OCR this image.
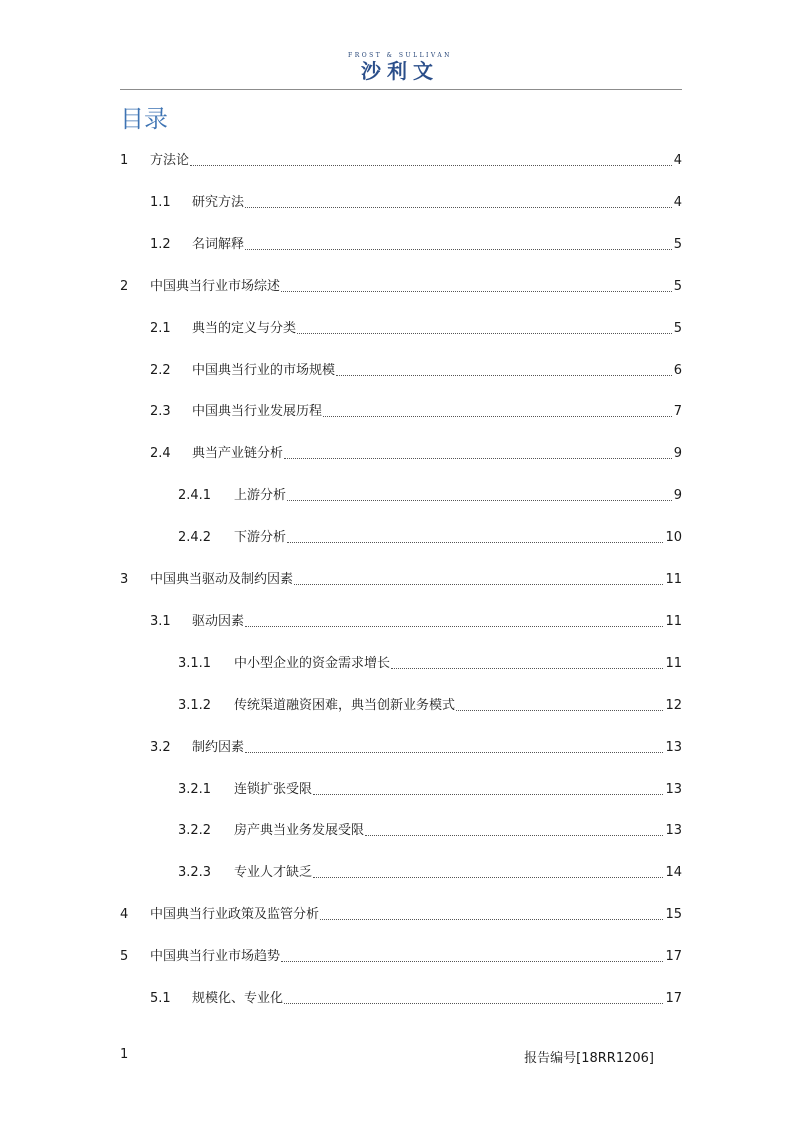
FROST & SULLIVAN
沙利文
目录
1	方法论	4
1.1	研究方法	4
1.2	名词解释	5
2	中国典当行业市场综述	5
2.1	典当的定义与分类	5
2.2	中国典当行业的市场规模	6
2.3	中国典当行业发展历程	7
2.4	典当产业链分析	9
2.4.1	上游分析	9
2.4.2	下游分析	10
3	中国典当驱动及制约因素	11
3.1	驱动因素	11
3.1.1	中小型企业的资金需求增长	11
3.1.2	传统渠道融资困难，典当创新业务模式	12
3.2	制约因素	13
3.2.1	连锁扩张受限	13
3.2.2	房产典当业务发展受限	13
3.2.3	专业人才缺乏	14
4	中国典当行业政策及监管分析	15
5	中国典当行业市场趋势	17
5.1	规模化、专业化	17
1	报告编号[18RR1206]
